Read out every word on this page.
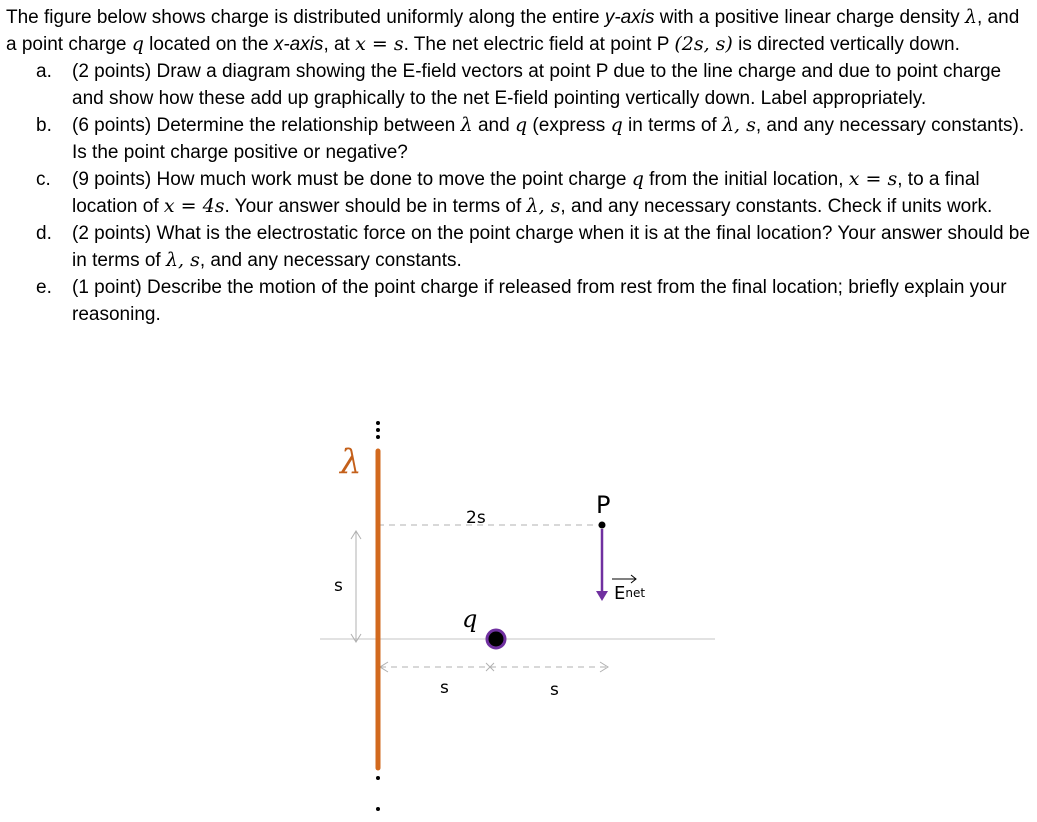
The figure below shows charge is distributed uniformly along the entire y-axis with a positive linear charge density λ, and a point charge q located on the x-axis, at x = s. The net electric field at point P (2s, s) is directed vertically down.

a. (2 points) Draw a diagram showing the E-field vectors at point P due to the line charge and due to point charge and show how these add up graphically to the net E-field pointing vertically down. Label appropriately.
b. (6 points) Determine the relationship between λ and q (express q in terms of λ, s, and any necessary constants). Is the point charge positive or negative?
c. (9 points) How much work must be done to move the point charge q from the initial location, x = s, to a final location of x = 4s. Your answer should be in terms of λ, s, and any necessary constants. Check if units work.
d. (2 points) What is the electrostatic force on the point charge when it is at the final location? Your answer should be in terms of λ, s, and any necessary constants.
e. (1 point) Describe the motion of the point charge if released from rest from the final location; briefly explain your reasoning.
λ
P
2s
s
q
s	s
Enet
